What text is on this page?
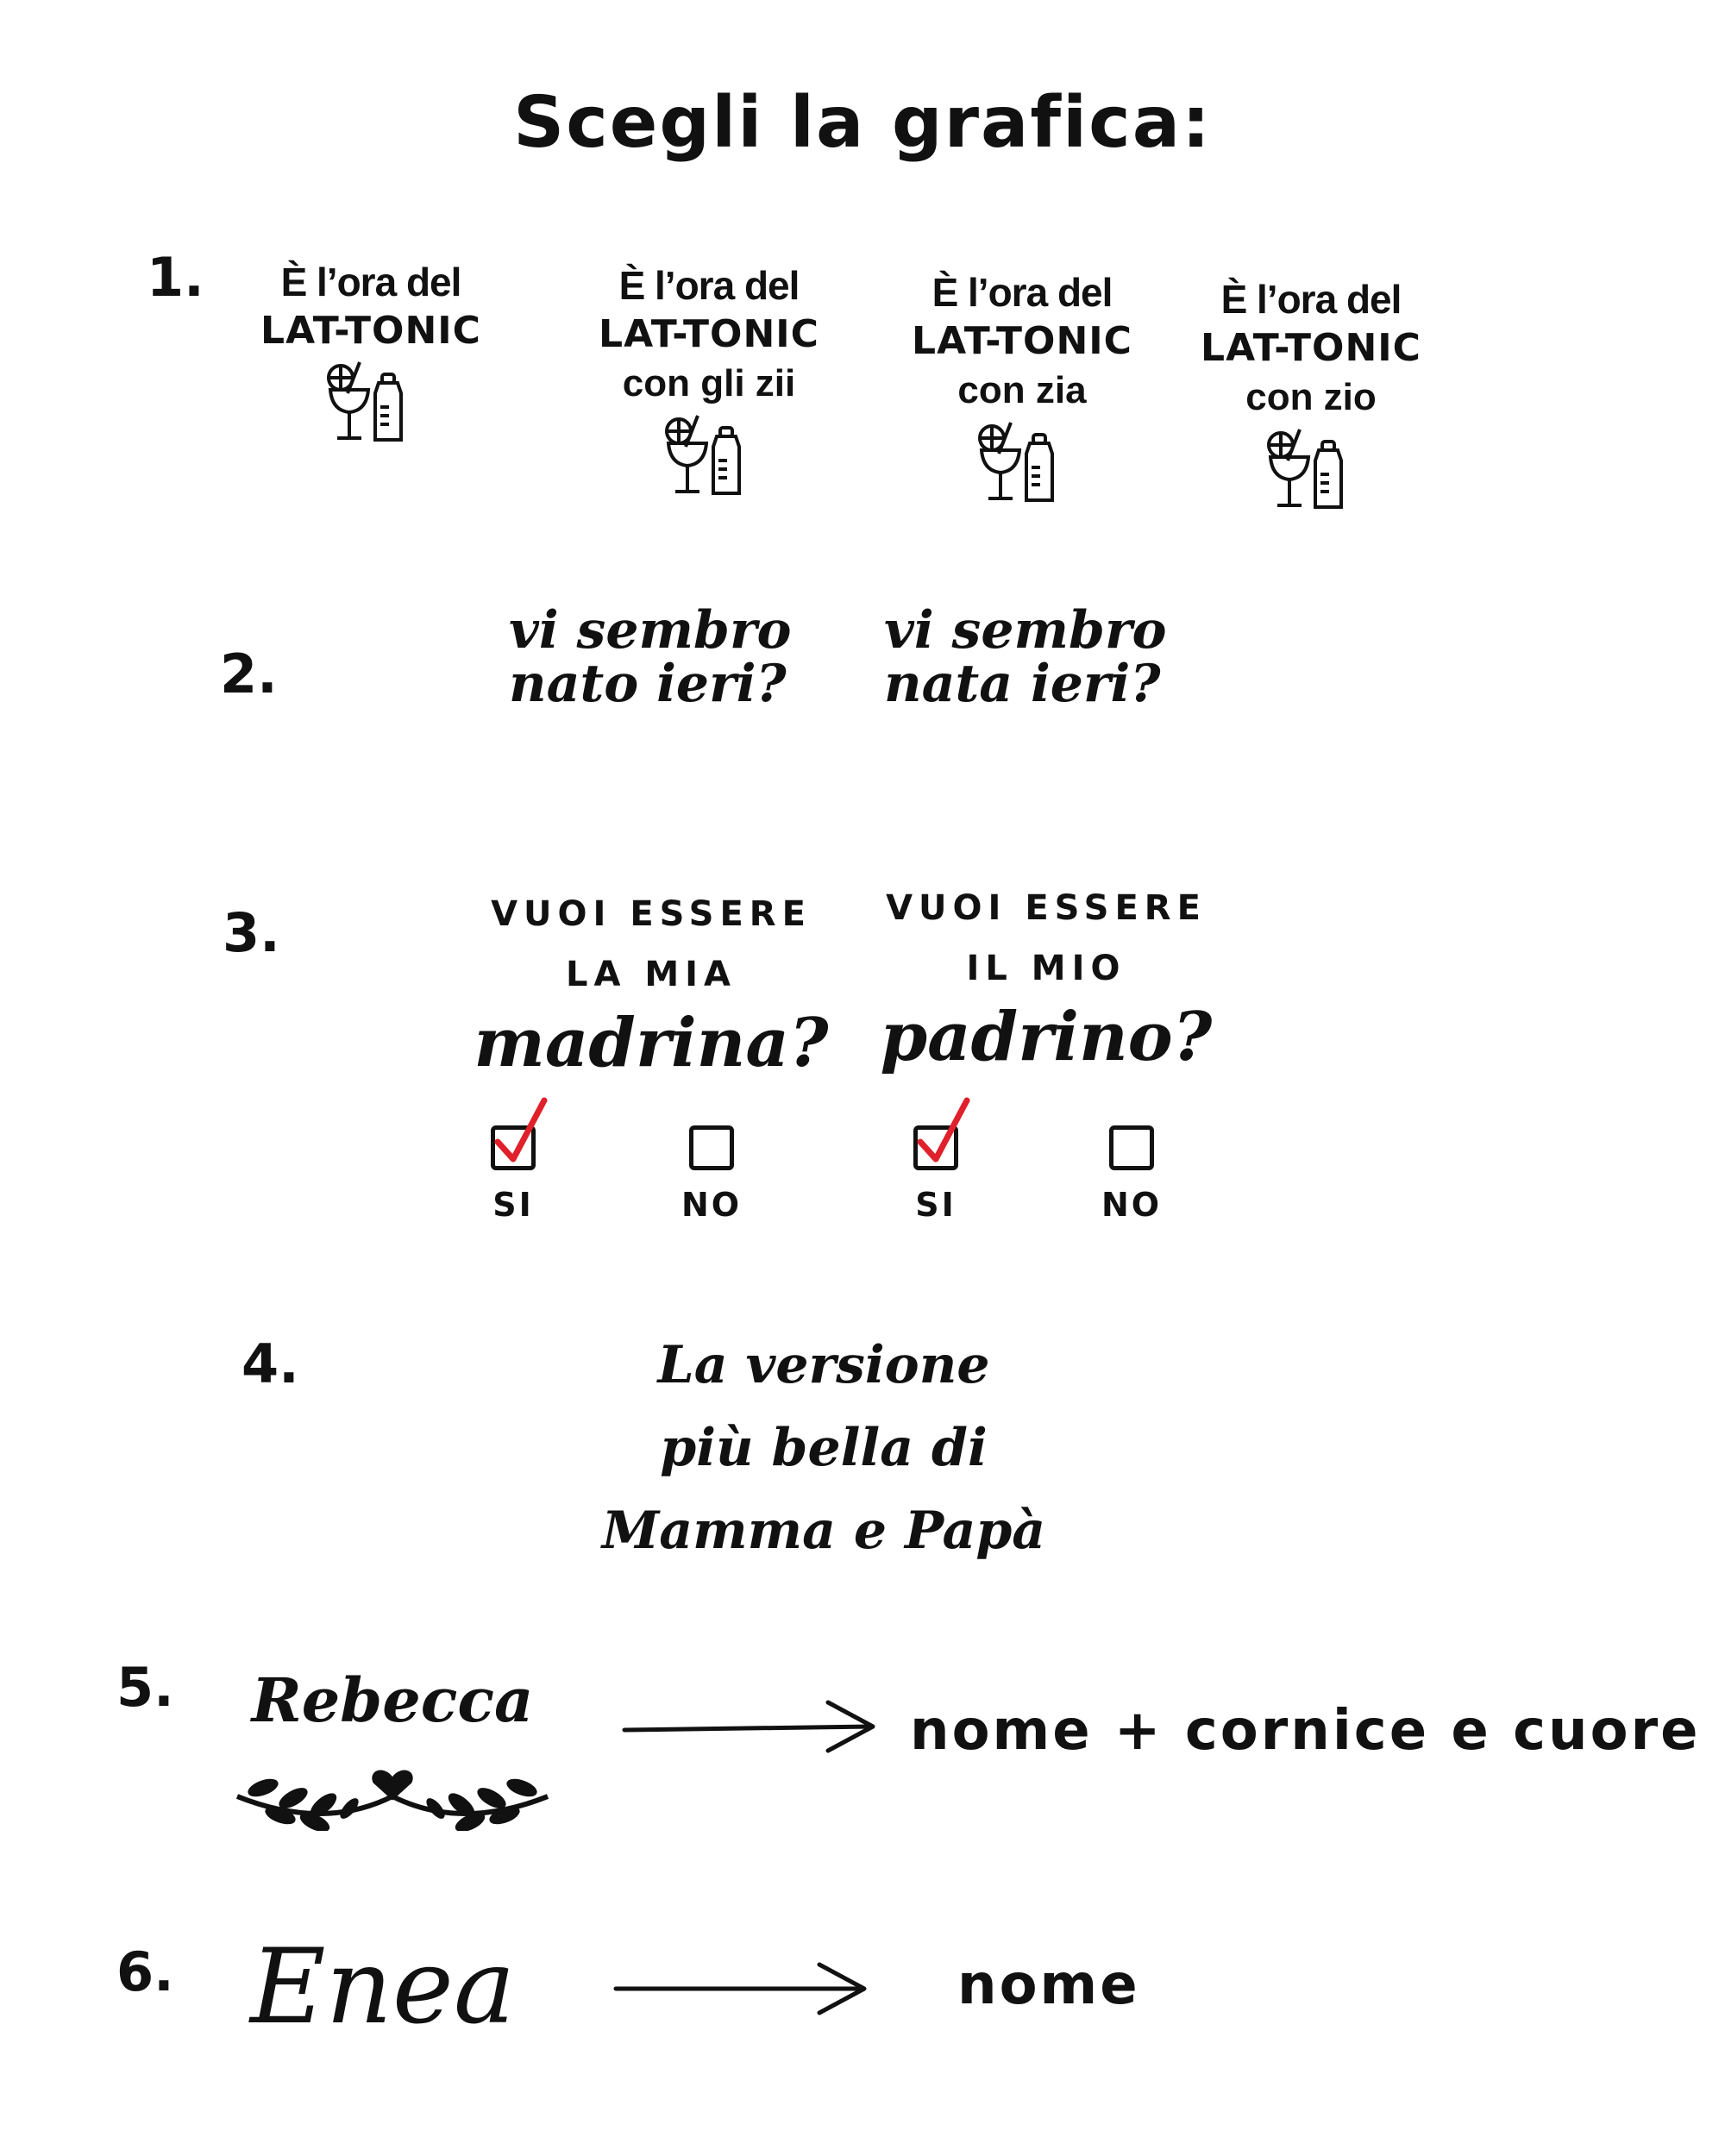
Scegli la grafica:
1.	È l’ora del
LAT-TONIC
È l’ora del
LAT-TONIC
con gli zii
È l’ora del
LAT-TONIC
con zia
È l’ora del
LAT-TONIC
con zio
2.
vi sembro
nato ieri?
vi sembro
nata ieri?
3.	VUOI ESSERE
LA MIA
madrina?
VUOI ESSERE
IL MIO
padrino?
SI	NO	SI	NO
4.	La versione
più bella di
Mamma e Papà
5.	Rebecca	nome + cornice e cuore
6. Enea	nome
